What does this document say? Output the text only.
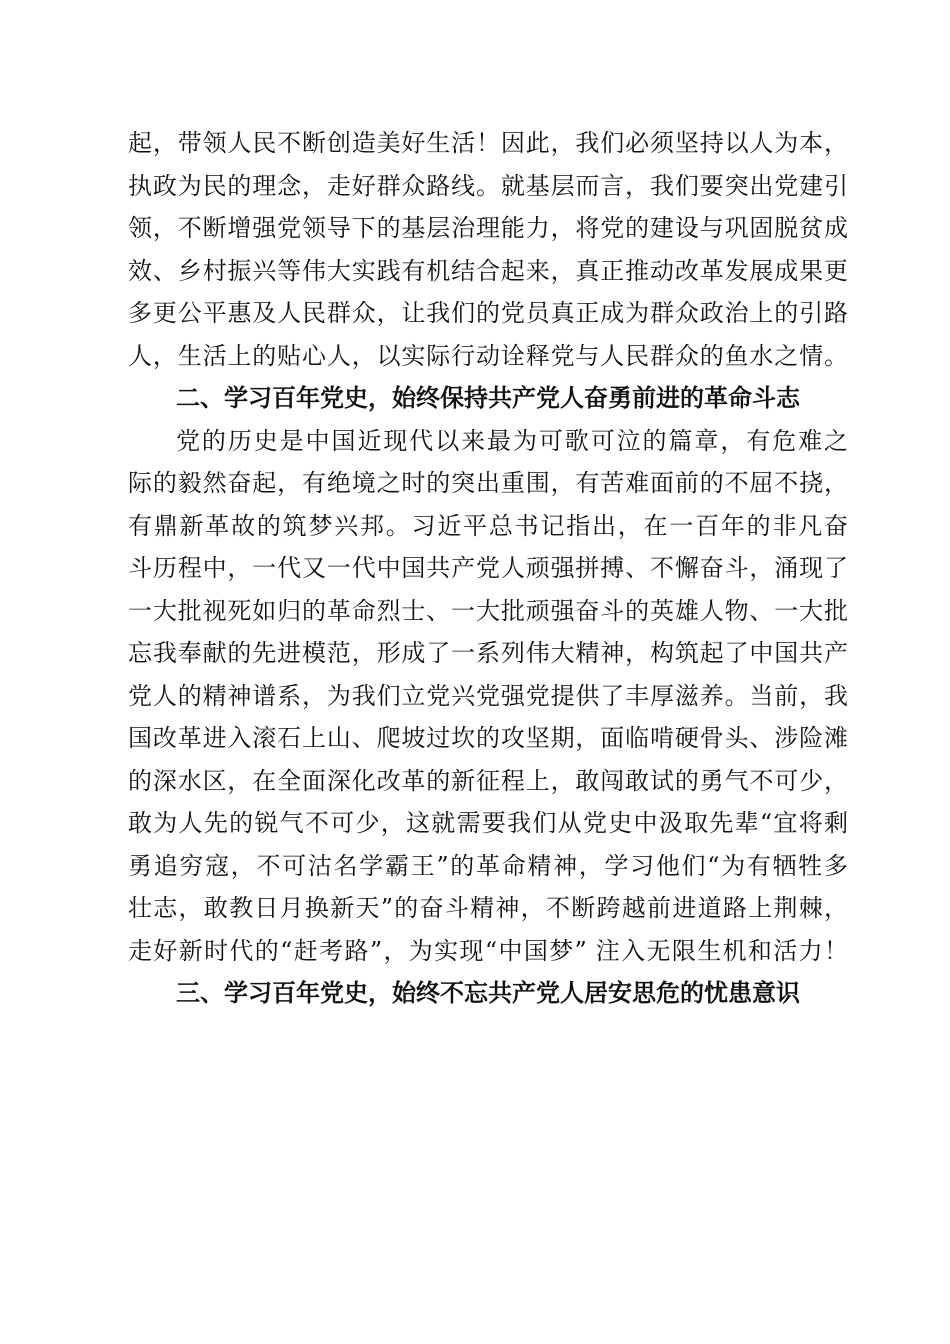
起，带领人民不断创造美好生活！因此，我们必须坚持以人为本，
执政为民的理念，走好群众路线。就基层而言，我们要突出党建引
领，不断增强党领导下的基层治理能力，将党的建设与巩固脱贫成
效、乡村振兴等伟大实践有机结合起来，真正推动改革发展成果更
多更公平惠及人民群众，让我们的党员真正成为群众政治上的引路
人，生活上的贴心人，以实际行动诠释党与人民群众的鱼水之情。
二、学习百年党史，始终保持共产党人奋勇前进的革命斗志
党的历史是中国近现代以来最为可歌可泣的篇章，有危难之
际的毅然奋起，有绝境之时的突出重围，有苦难面前的不屈不挠，
有鼎新革故的筑梦兴邦。习近平总书记指出，在一百年的非凡奋
斗历程中，一代又一代中国共产党人顽强拼搏、不懈奋斗，涌现了
一大批视死如归的革命烈士、一大批顽强奋斗的英雄人物、一大批
忘我奉献的先进模范，形成了一系列伟大精神，构筑起了中国共产
党人的精神谱系，为我们立党兴党强党提供了丰厚滋养。当前，我
国改革进入滚石上山、爬坡过坎的攻坚期，面临啃硬骨头、涉险滩
的深水区，在全面深化改革的新征程上，敢闯敢试的勇气不可少，
敢为人先的锐气不可少，这就需要我们从党史中汲取先辈“宜将剩
勇追穷寇，不可沽名学霸王”的革命精神，学习他们“为有牺牲多
壮志，敢教日月换新天”的奋斗精神，不断跨越前进道路上荆棘，
走好新时代的“赶考路”，为实现“中国梦” 注入无限生机和活力！
三、学习百年党史，始终不忘共产党人居安思危的忧患意识
